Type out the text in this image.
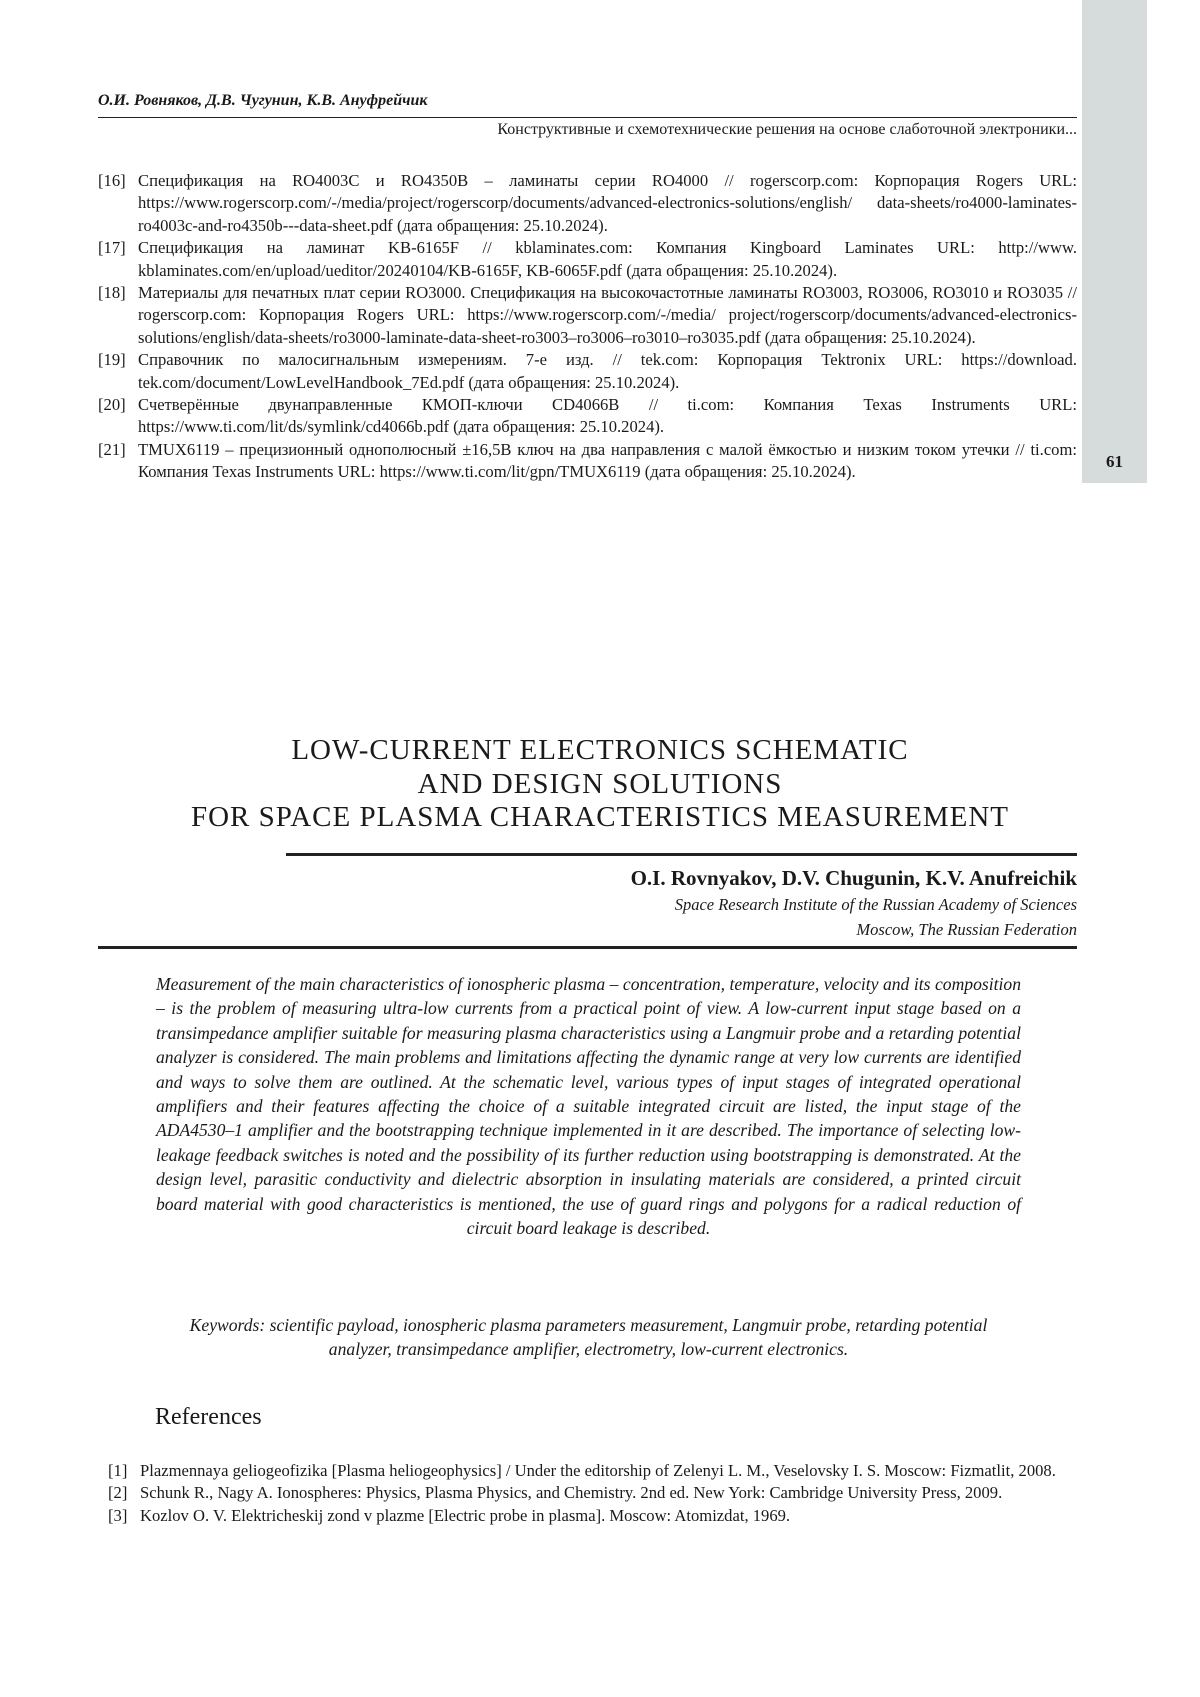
61
О.И. Ровняков, Д.В. Чугунин, К.В. Ануфрейчик
Конструктивные и схемотехнические решения на основе слаботочной электроники...
[16] Спецификация на RO4003C и RO4350B – ламинаты серии RO4000 // rogerscorp.com: Корпорация Rogers URL: https://www.rogerscorp.com/-/media/project/rogerscorp/documents/advanced-electronics-solutions/english/ data-sheets/ro4000-laminates-ro4003c-and-ro4350b---data-sheet.pdf (дата обращения: 25.10.2024).
[17] Спецификация на ламинат KB-6165F // kblaminates.com: Компания Kingboard Laminates URL: http://www. kblaminates.com/en/upload/ueditor/20240104/KB-6165F, KB-6065F.pdf (дата обращения: 25.10.2024).
[18] Материалы для печатных плат серии RO3000. Спецификация на высокочастотные ламинаты RO3003, RO3006, RO3010 и RO3035 // rogerscorp.com: Корпорация Rogers URL: https://www.rogerscorp.com/-/media/ project/rogerscorp/documents/advanced-electronics-solutions/english/data-sheets/ro3000-laminate-data-sheet-ro3003–ro3006–ro3010–ro3035.pdf (дата обращения: 25.10.2024).
[19] Справочник по малосигнальным измерениям. 7-е изд. // tek.com: Корпорация Tektronix URL: https://download. tek.com/document/LowLevelHandbook_7Ed.pdf (дата обращения: 25.10.2024).
[20] Счетверённые двунаправленные КМОП-ключи CD4066B // ti.com: Компания Texas Instruments URL: https://www.ti.com/lit/ds/symlink/cd4066b.pdf (дата обращения: 25.10.2024).
[21] TMUX6119 – прецизионный однополюсный ±16,5В ключ на два направления с малой ёмкостью и низким током утечки // ti.com: Компания Texas Instruments URL: https://www.ti.com/lit/gpn/TMUX6119 (дата обращения: 25.10.2024).
LOW-CURRENT ELECTRONICS SCHEMATIC
AND DESIGN SOLUTIONS
FOR SPACE PLASMA CHARACTERISTICS MEASUREMENT
O.I. Rovnyakov, D.V. Chugunin, K.V. Anufreichik
Space Research Institute of the Russian Academy of Sciences
Moscow, The Russian Federation
Measurement of the main characteristics of ionospheric plasma – concentration, temperature, velocity and its composition – is the problem of measuring ultra-low currents from a practical point of view. A low-current input stage based on a transimpedance amplifier suitable for measuring plasma characteristics using a Langmuir probe and a retarding potential analyzer is considered. The main problems and limitations affecting the dynamic range at very low currents are identified and ways to solve them are outlined. At the schematic level, various types of input stages of integrated operational amplifiers and their features affecting the choice of a suitable integrated circuit are listed, the input stage of the ADA4530–1 amplifier and the bootstrapping technique implemented in it are described. The importance of selecting low-leakage feedback switches is noted and the possibility of its further reduction using bootstrapping is demonstrated. At the design level, parasitic conductivity and dielectric absorption in insulating materials are considered, a printed circuit board material with good characteristics is mentioned, the use of guard rings and polygons for a radical reduction of circuit board leakage is described.
Keywords: scientific payload, ionospheric plasma parameters measurement, Langmuir probe, retarding potential analyzer, transimpedance amplifier, electrometry, low-current electronics.
References
[1] Plazmennaya geliogeofizika [Plasma heliogeophysics] / Under the editorship of Zelenyi L. M., Veselovsky I. S. Moscow: Fizmatlit, 2008.
[2] Schunk R., Nagy A. Ionospheres: Physics, Plasma Physics, and Chemistry. 2nd ed. New York: Cambridge University Press, 2009.
[3] Kozlov O. V. Elektricheskij zond v plazme [Electric probe in plasma]. Moscow: Atomizdat, 1969.
